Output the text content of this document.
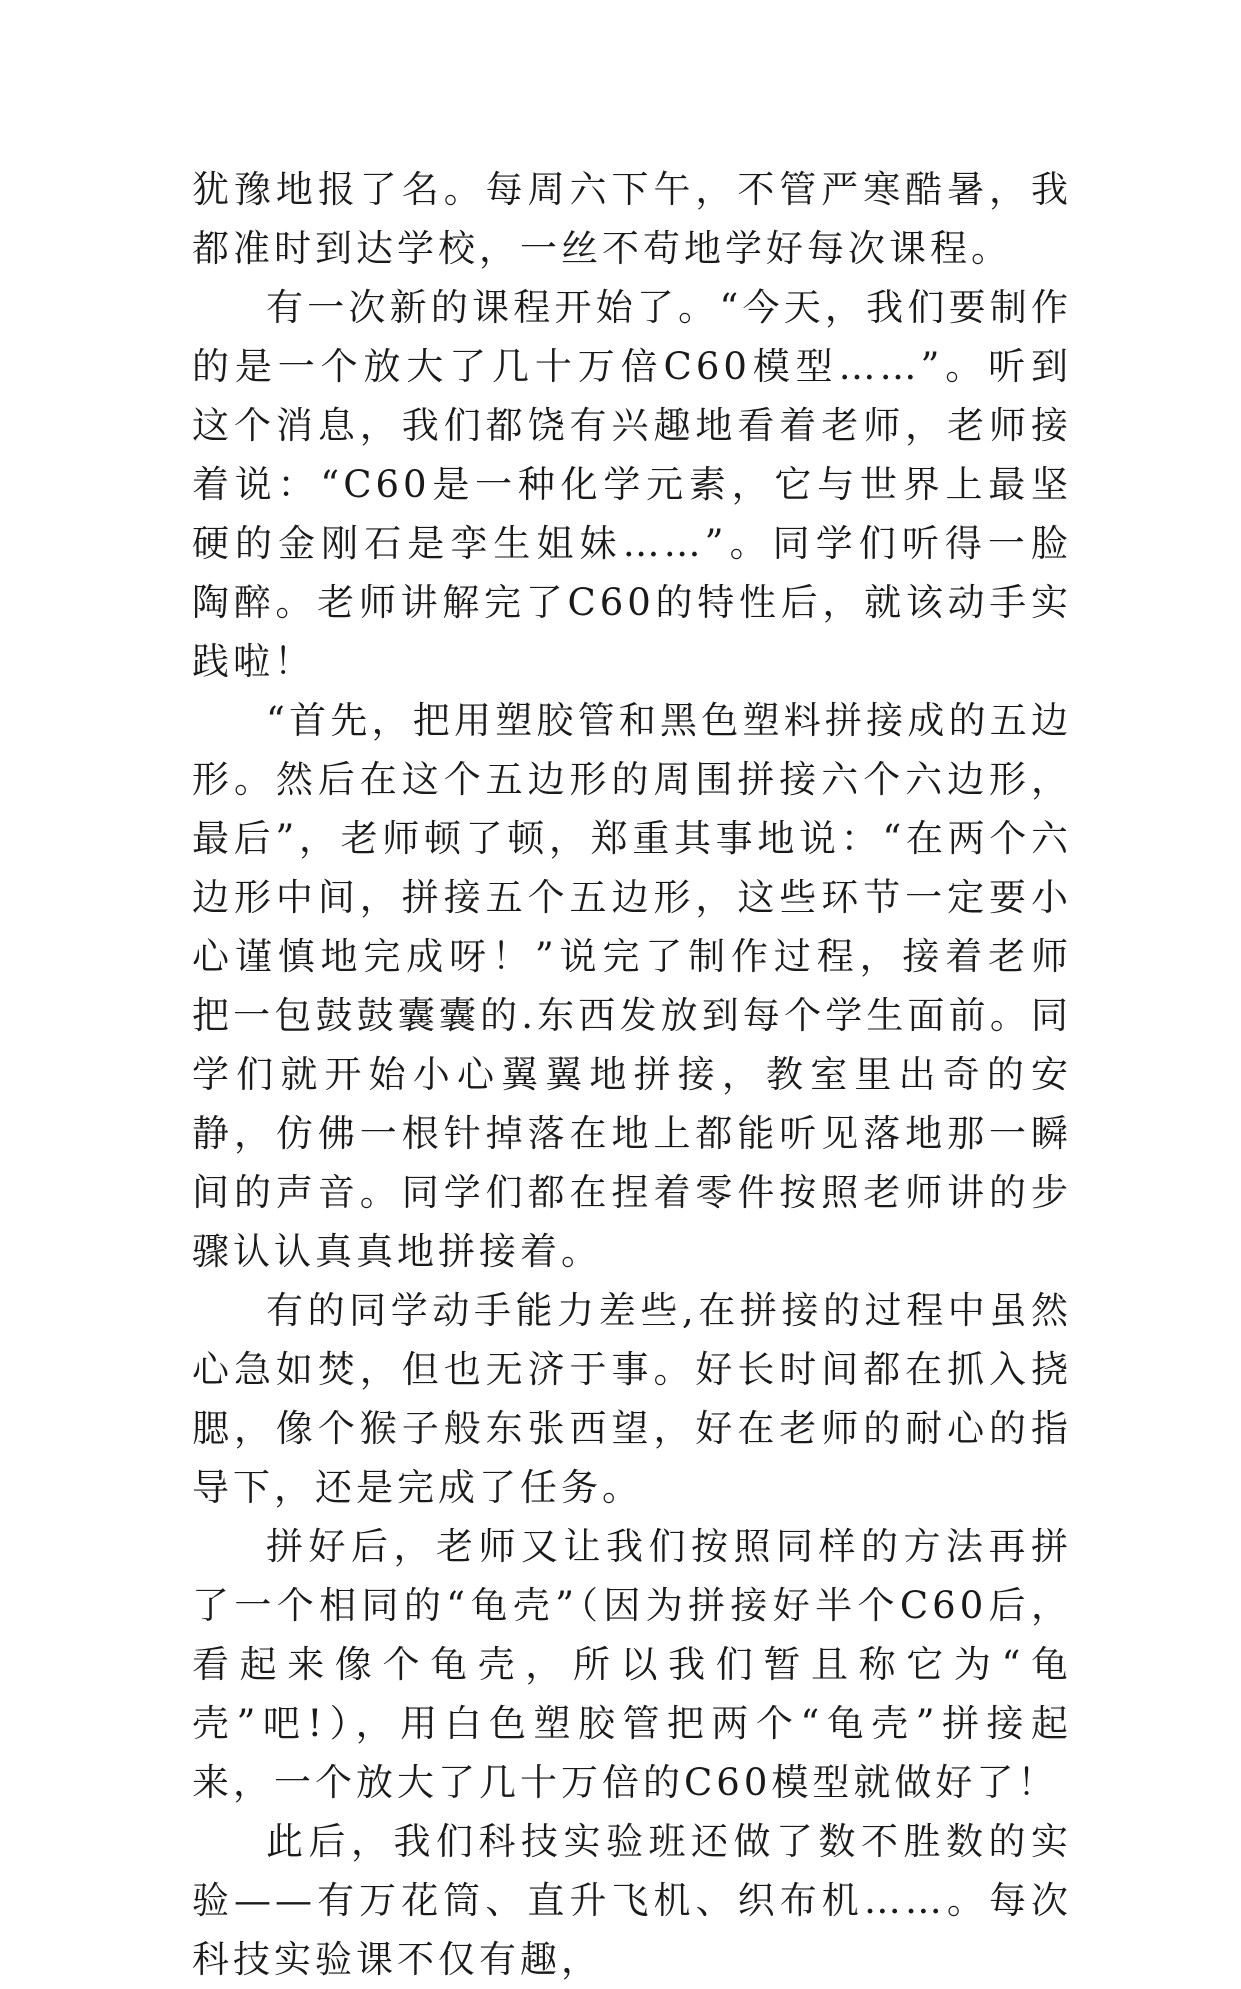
犹豫地报了名。每周六下午，不管严寒酷暑，我都准时到达学校，一丝不苟地学好每次课程。

有一次新的课程开始了。“今天，我们要制作的是一个放大了几十万倍C60模型……”。听到这个消息，我们都饶有兴趣地看着老师，老师接着说：“C60是一种化学元素，它与世界上最坚硬的金刚石是孪生姐妹……”。同学们听得一脸陶醉。老师讲解完了C60的特性后，就该动手实践啦！

“首先，把用塑胶管和黑色塑料拼接成的五边形。然后在这个五边形的周围拼接六个六边形，最后”，老师顿了顿，郑重其事地说：“在两个六边形中间，拼接五个五边形，这些环节一定要小心谨慎地完成呀！”说完了制作过程，接着老师把一包鼓鼓囊囊的.东西发放到每个学生面前。同学们就开始小心翼翼地拼接，教室里出奇的安静，仿佛一根针掉落在地上都能听见落地那一瞬间的声音。同学们都在捏着零件按照老师讲的步骤认认真真地拼接着。

有的同学动手能力差些,在拼接的过程中虽然心急如焚，但也无济于事。好长时间都在抓入挠腮，像个猴子般东张西望，好在老师的耐心的指导下，还是完成了任务。

拼好后，老师又让我们按照同样的方法再拼了一个相同的“龟壳”（因为拼接好半个C60后，看起来像个龟壳，所以我们暂且称它为“龟壳”吧!），用白色塑胶管把两个“龟壳”拼接起来，一个放大了几十万倍的C60模型就做好了！

此后，我们科技实验班还做了数不胜数的实验——有万花筒、直升飞机、织布机……。每次科技实验课不仅有趣，
